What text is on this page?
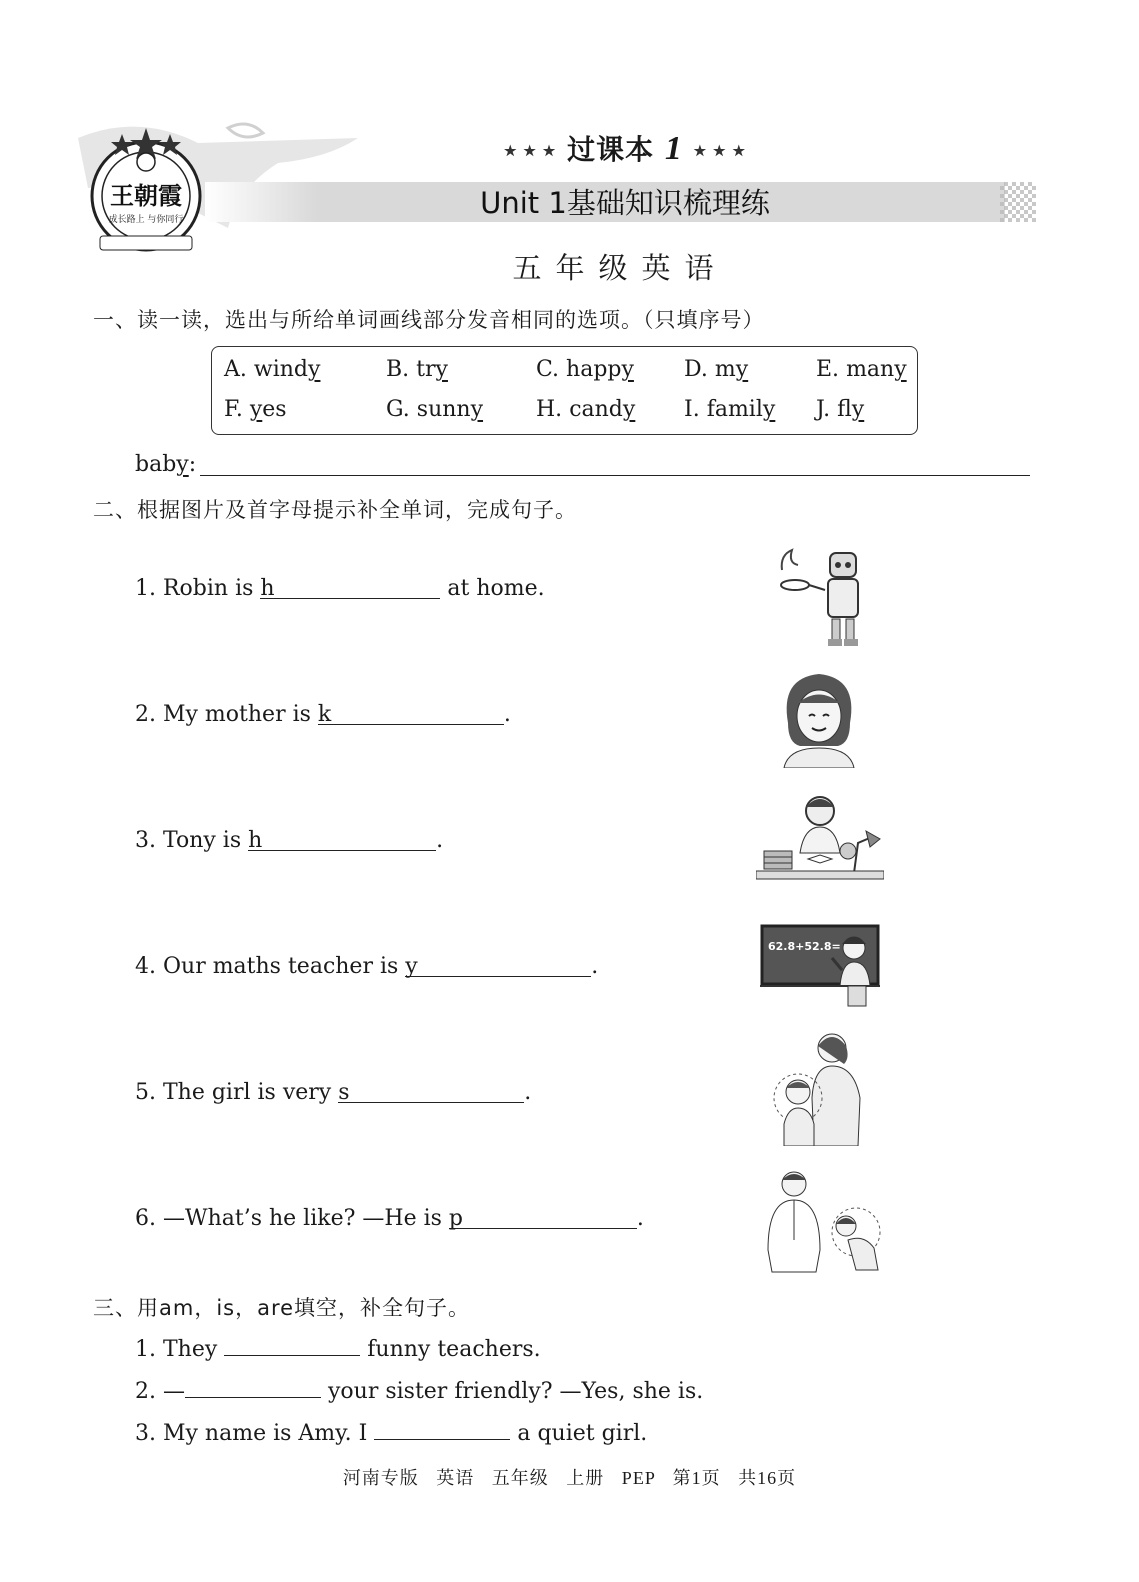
成长路上 与你同行
王朝霞
★ ★ ★ 过课本 1 ★ ★ ★
Unit 1基础知识梳理练
五年级英语
一、读一读，选出与所给单词画线部分发音相同的选项。（只填序号）
A. windy	B. try	C. happy D. my	E. many
F. yes	G. sunny H. candy I. family J. fly
baby:
二、根据图片及首字母提示补全单词，完成句子。
1. Robin is h	at home.
2. My mother is k	.
3. Tony is h	.
4. Our maths teacher is y	.
5. The girl is very s	.
6. —What’s he like? —He is p	.
62.8+52.8=
三、用am，is，are填空，补全句子。
1. They	funny teachers.
2. —	your sister friendly? —Yes, she is.
3. My name is Amy. I	a quiet girl.
河南专版 英语 五年级 上册 PEP 第1页 共16页
